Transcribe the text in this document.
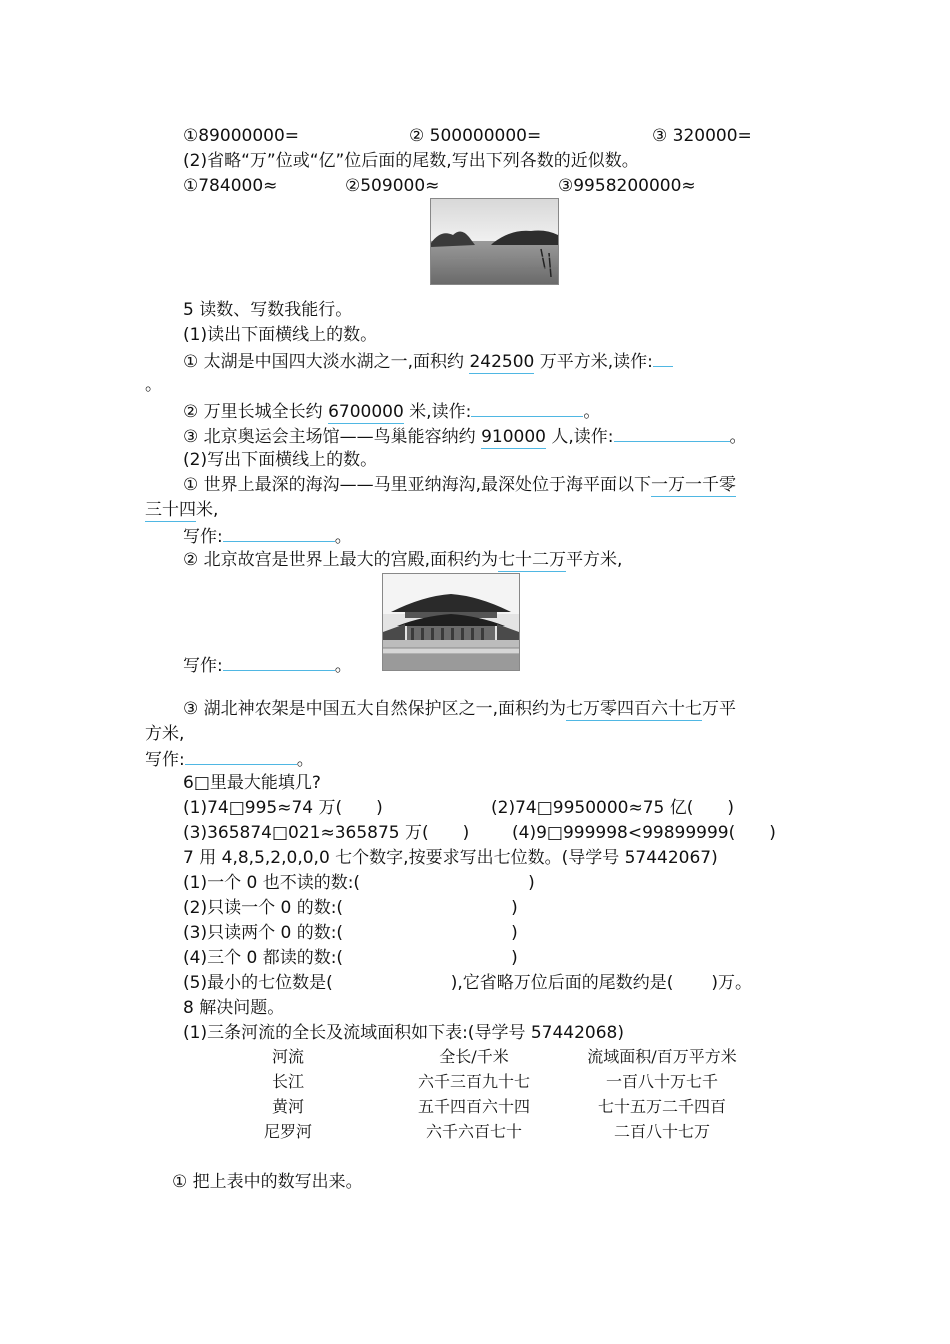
①89000000=	② 500000000=	③ 320000=
(2)省略“万”位或“亿”位后面的尾数,写出下列各数的近似数。
①784000≈	②509000≈	③9958200000≈
5 读数、写数我能行。
(1)读出下面横线上的数。
① 太湖是中国四大淡水湖之一,面积约 242500 万平方米,读作:
。
② 万里长城全长约 6700000 米,读作:	。
③ 北京奥运会主场馆——鸟巢能容纳约 910000 人,读作:	。
(2)写出下面横线上的数。
① 世界上最深的海沟——马里亚纳海沟,最深处位于海平面以下一万一千零
三十四米,
写作:	。
② 北京故宫是世界上最大的宫殿,面积约为七十二万平方米,
写作:	。
③ 湖北神农架是中国五大自然保护区之一,面积约为七万零四百六十七万平
方米,
写作:	。
6□里最大能填几?
(1)74□995≈74 万( )	(2)74□9950000≈75 亿( )
(3)365874□021≈365875 万( )	(4)9□999998<99899999( )
7 用 4,8,5,2,0,0,0 七个数字,按要求写出七位数。(导学号 57442067)
(1)一个 0 也不读的数:(	)
(2)只读一个 0 的数:(	)
(3)只读两个 0 的数:(	)
(4)三个 0 都读的数:(	)
(5)最小的七位数是(	),它省略万位后面的尾数约是( )万。
8 解决问题。
(1)三条河流的全长及流域面积如下表:(导学号 57442068)
河流	全长/千米	流域面积/百万平方米
长江	六千三百九十七	一百八十万七千
黄河	五千四百六十四	七十五万二千四百
尼罗河	六千六百七十	二百八十七万
① 把上表中的数写出来。
